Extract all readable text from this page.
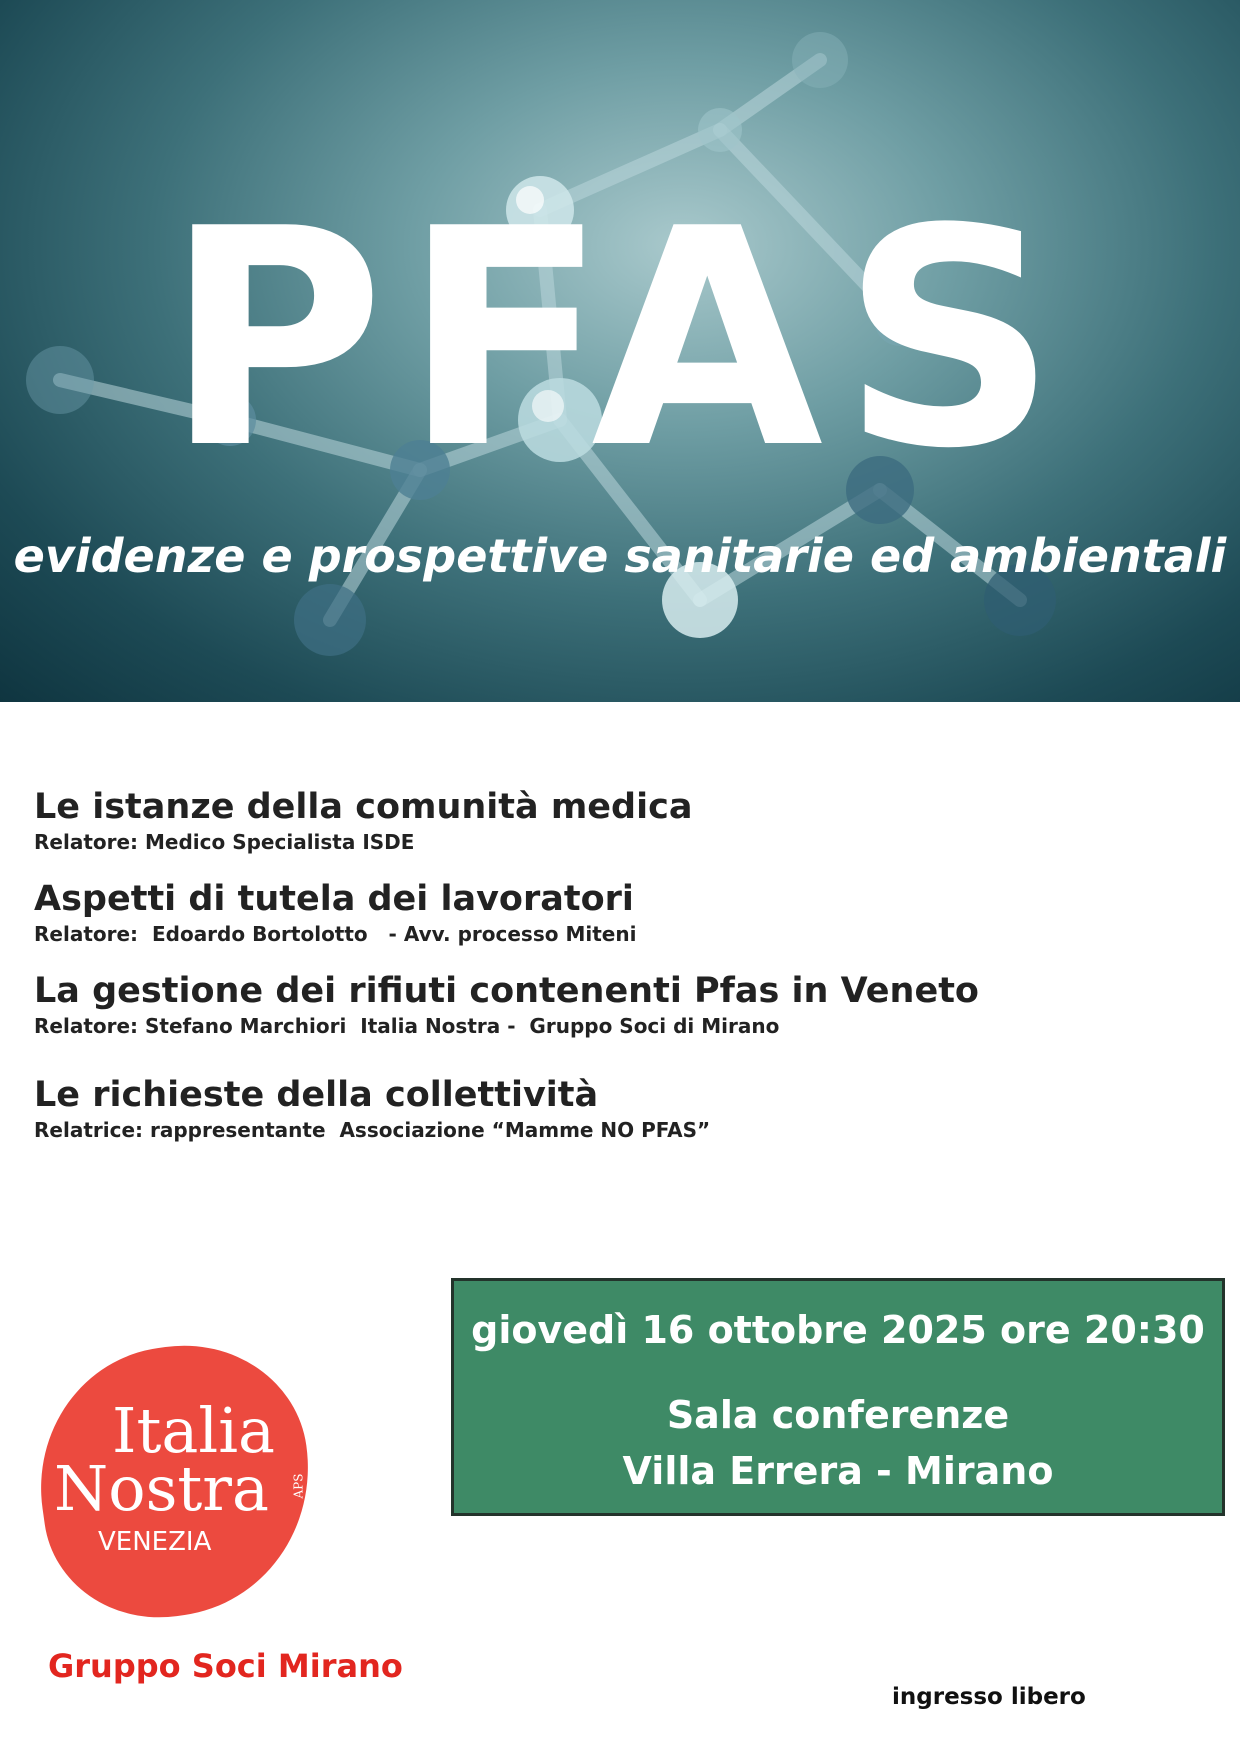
PFAS

evidenze e prospettive sanitarie ed ambientali

Le istanze della comunità medica
Relatore: Medico Specialista ISDE
Aspetti di tutela dei lavoratori
Relatore:  Edoardo Bortolotto   - Avv. processo Miteni
La gestione dei rifiuti contenenti Pfas in Veneto
Relatore: Stefano Marchiori  Italia Nostra -  Gruppo Soci di Mirano
Le richieste della collettività
Relatrice: rappresentante  Associazione “Mamme NO PFAS”
giovedì 16 ottobre 2025 ore 20:30
Sala conferenze
Villa Errera - Mirano
Italia
Nostra APS
VENEZIA
Gruppo Soci Mirano
ingresso libero
